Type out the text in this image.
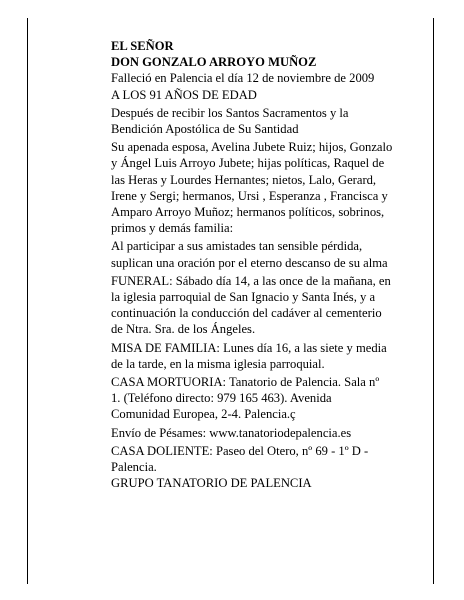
EL SEÑOR

DON GONZALO ARROYO MUÑOZ

Falleció en Palencia el día 12 de noviembre de 2009

A LOS 91 AÑOS DE EDAD

Después de recibir los Santos Sacramentos y la

Bendición Apostólica de Su Santidad

Su apenada esposa, Avelina Jubete Ruiz; hijos, Gonzalo

y Ángel Luis Arroyo Jubete; hijas políticas, Raquel de

las Heras y Lourdes Hernantes; nietos, Lalo, Gerard,

Irene y Sergi; hermanos, Ursi , Esperanza , Francisca y

Amparo Arroyo Muñoz; hermanos políticos, sobrinos,

primos y demás familia:

Al participar a sus amistades tan sensible pérdida,

suplican una oración por el eterno descanso de su alma

FUNERAL: Sábado día 14, a las once de la mañana, en

la iglesia parroquial de San Ignacio y Santa Inés, y a

continuación la conducción del cadáver al cementerio

de Ntra. Sra. de los Ángeles.

MISA DE FAMILIA: Lunes día 16, a las siete y media

de la tarde, en la misma iglesia parroquial.

CASA MORTUORIA: Tanatorio de Palencia. Sala nº

1. (Teléfono directo: 979 165 463). Avenida

Comunidad Europea, 2-4. Palencia.ç

Envío de Pésames: www.tanatoriodepalencia.es

CASA DOLIENTE: Paseo del Otero, nº 69 - 1º D -

Palencia.

GRUPO TANATORIO DE PALENCIA
